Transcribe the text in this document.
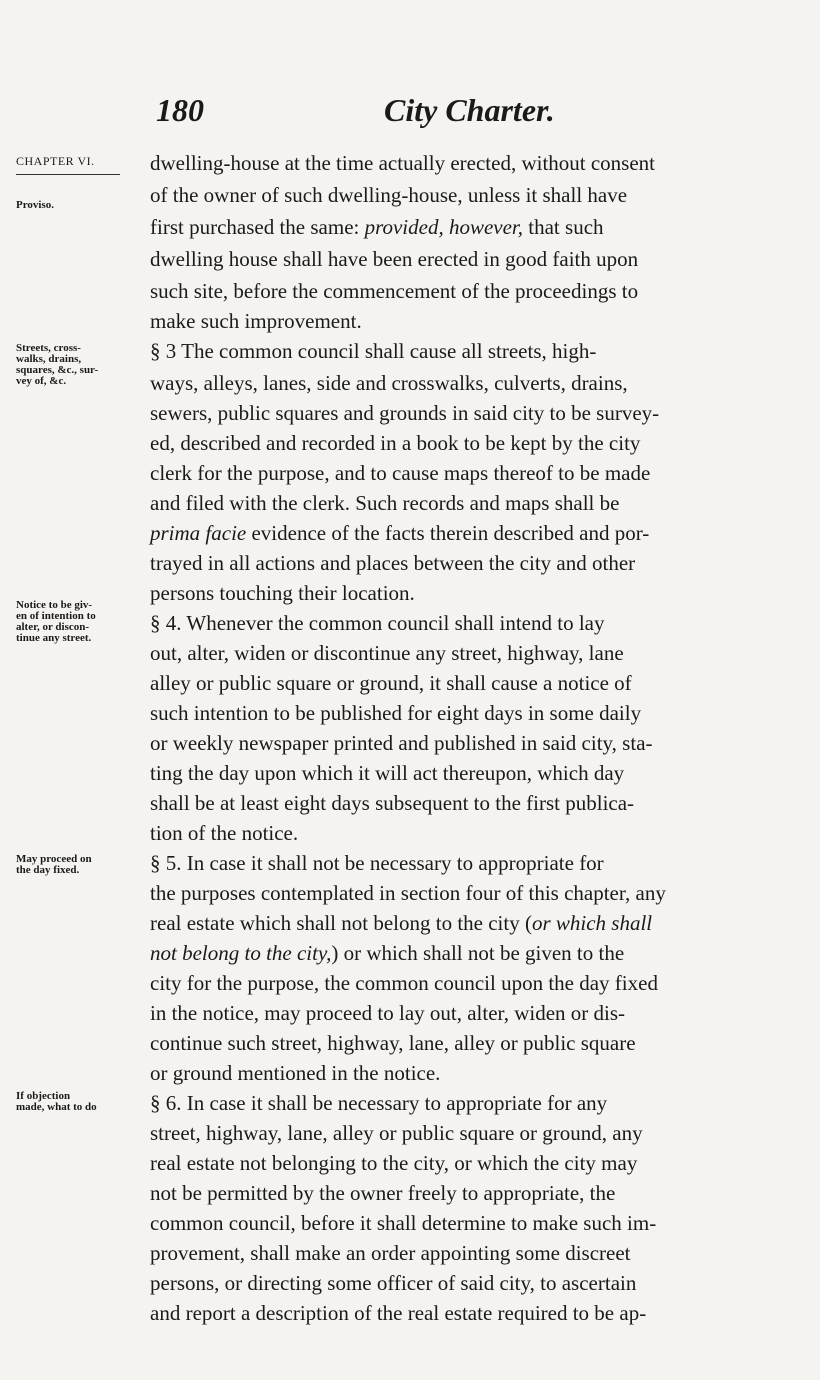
180	City Charter.
CHAPTER VI.
Proviso.
Streets, cross-
walks, drains,
squares, &c., sur-
vey of, &c.
Notice to be giv-
en of intention to
alter, or discon-
tinue any street.
May proceed on
the day fixed.
If objection
made, what to do
dwelling-house at the time actually erected, without consent
of the owner of such dwelling-house, unless it shall have
first purchased the same: provided, however, that such
dwelling house shall have been erected in good faith upon
such site, before the commencement of the proceedings to
make such improvement.
§ 3 The common council shall cause all streets, high-
ways, alleys, lanes, side and crosswalks, culverts, drains,
sewers, public squares and grounds in said city to be survey-
ed, described and recorded in a book to be kept by the city
clerk for the purpose, and to cause maps thereof to be made
and filed with the clerk. Such records and maps shall be
prima facie evidence of the facts therein described and por-
trayed in all actions and places between the city and other
persons touching their location.
§ 4. Whenever the common council shall intend to lay
out, alter, widen or discontinue any street, highway, lane
alley or public square or ground, it shall cause a notice of
such intention to be published for eight days in some daily
or weekly newspaper printed and published in said city, sta-
ting the day upon which it will act thereupon, which day
shall be at least eight days subsequent to the first publica-
tion of the notice.
§ 5. In case it shall not be necessary to appropriate for
the purposes contemplated in section four of this chapter, any
real estate which shall not belong to the city (or which shall
not belong to the city,) or which shall not be given to the
city for the purpose, the common council upon the day fixed
in the notice, may proceed to lay out, alter, widen or dis-
continue such street, highway, lane, alley or public square
or ground mentioned in the notice.
§ 6. In case it shall be necessary to appropriate for any
street, highway, lane, alley or public square or ground, any
real estate not belonging to the city, or which the city may
not be permitted by the owner freely to appropriate, the
common council, before it shall determine to make such im-
provement, shall make an order appointing some discreet
persons, or directing some officer of said city, to ascertain
and report a description of the real estate required to be ap-
